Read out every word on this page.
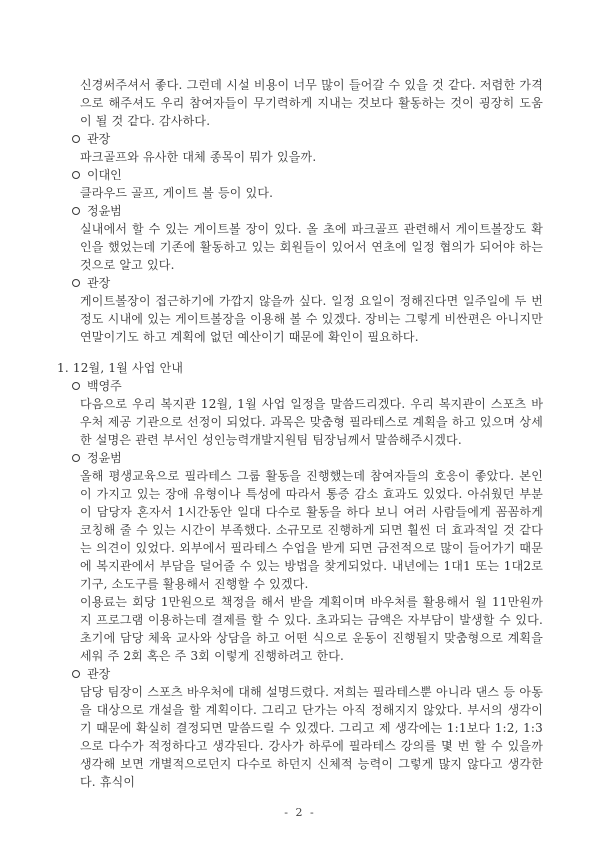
신경써주셔서 좋다. 그런데 시설 비용이 너무 많이 들어갈 수 있을 것 같다. 저렴한 가격으로 해주셔도 우리 참여자들이 무기력하게 지내는 것보다 활동하는 것이 굉장히 도움이 될 것 같다. 감사하다.
관장
파크골프와 유사한 대체 종목이 뭐가 있을까.
이대인
클라우드 골프, 게이트 볼 등이 있다.
정윤범
실내에서 할 수 있는 게이트볼 장이 있다. 올 초에 파크골프 관련해서 게이트볼장도 확인을 했었는데 기존에 활동하고 있는 회원들이 있어서 연초에 일정 협의가 되어야 하는 것으로 알고 있다.
관장
게이트볼장이 접근하기에 가깝지 않을까 싶다. 일정 요일이 정해진다면 일주일에 두 번 정도 시내에 있는 게이트볼장을 이용해 볼 수 있겠다. 장비는 그렇게 비싼편은 아니지만 연말이기도 하고 계획에 없던 예산이기 때문에 확인이 필요하다.
1. 12월, 1월 사업 안내
백영주
다음으로 우리 복지관 12월, 1월 사업 일정을 말씀드리겠다. 우리 복지관이 스포츠 바우처 제공 기관으로 선정이 되었다. 과목은 맞춤형 필라테스로 계획을 하고 있으며 상세한 설명은 관련 부서인 성인능력개발지원팀 팀장님께서 말씀해주시겠다.
정윤범
올해 평생교육으로 필라테스 그룹 활동을 진행했는데 참여자들의 호응이 좋았다. 본인이 가지고 있는 장애 유형이나 특성에 따라서 통증 감소 효과도 있었다. 아쉬웠던 부분이 담당자 혼자서 1시간동안 일대 다수로 활동을 하다 보니 여러 사람들에게 꼼꼼하게 코칭해 줄 수 있는 시간이 부족했다. 소규모로 진행하게 되면 훨씬 더 효과적일 것 같다는 의견이 있었다. 외부에서 필라테스 수업을 받게 되면 금전적으로 많이 들어가기 때문에 복지관에서 부담을 덜어줄 수 있는 방법을 찾게되었다. 내년에는 1대1 또는 1대2로 기구, 소도구를 활용해서 진행할 수 있겠다.
이용료는 회당 1만원으로 책정을 해서 받을 계획이며 바우처를 활용해서 월 11만원까지 프로그램 이용하는데 결제를 할 수 있다. 초과되는 금액은 자부담이 발생할 수 있다. 초기에 담당 체육 교사와 상담을 하고 어떤 식으로 운동이 진행될지 맞춤형으로 계획을 세워 주 2회 혹은 주 3회 이렇게 진행하려고 한다.
관장
담당 팀장이 스포츠 바우처에 대해 설명드렸다. 저희는 필라테스뿐 아니라 댄스 등 아동을 대상으로 개설을 할 계획이다. 그리고 단가는 아직 정해지지 않았다. 부서의 생각이기 때문에 확실히 결정되면 말씀드릴 수 있겠다. 그리고 제 생각에는 1:1보다 1:2, 1:3으로 다수가 적정하다고 생각된다. 강사가 하루에 필라테스 강의를 몇 번 할 수 있을까 생각해 보면 개별적으로던지 다수로 하던지 신체적 능력이 그렇게 많지 않다고 생각한다. 휴식이
- 2 -
